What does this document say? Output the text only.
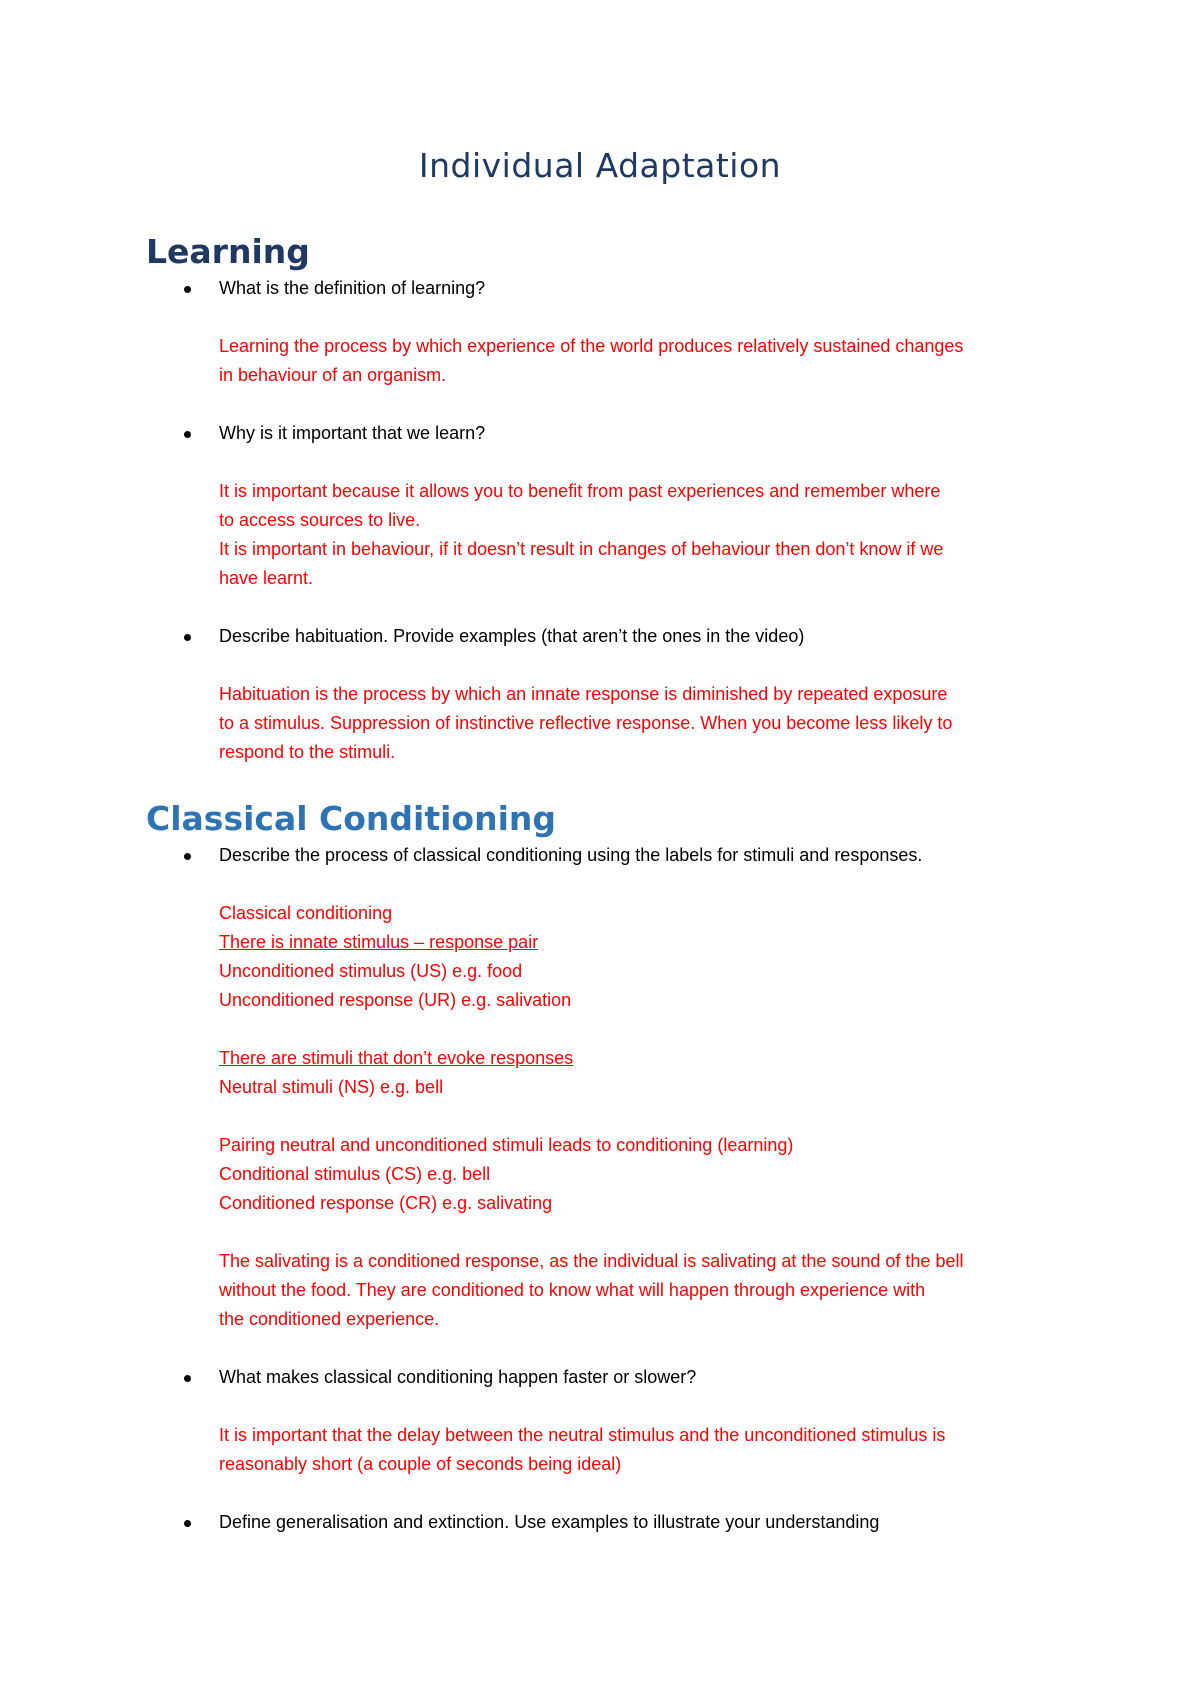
Individual Adaptation
Learning
What is the definition of learning?
Learning the process by which experience of the world produces relatively sustained changes
in behaviour of an organism.
Why is it important that we learn?
It is important because it allows you to benefit from past experiences and remember where
to access sources to live.
It is important in behaviour, if it doesn’t result in changes of behaviour then don’t know if we
have learnt.
Describe habituation. Provide examples (that aren’t the ones in the video)
Habituation is the process by which an innate response is diminished by repeated exposure
to a stimulus. Suppression of instinctive reflective response. When you become less likely to
respond to the stimuli.
Classical Conditioning
Describe the process of classical conditioning using the labels for stimuli and responses.
Classical conditioning
There is innate stimulus – response pair
Unconditioned stimulus (US) e.g. food
Unconditioned response (UR) e.g. salivation
There are stimuli that don’t evoke responses
Neutral stimuli (NS) e.g. bell
Pairing neutral and unconditioned stimuli leads to conditioning (learning)
Conditional stimulus (CS) e.g. bell
Conditioned response (CR) e.g. salivating
The salivating is a conditioned response, as the individual is salivating at the sound of the bell
without the food. They are conditioned to know what will happen through experience with
the conditioned experience.
What makes classical conditioning happen faster or slower?
It is important that the delay between the neutral stimulus and the unconditioned stimulus is
reasonably short (a couple of seconds being ideal)
Define generalisation and extinction. Use examples to illustrate your understanding
